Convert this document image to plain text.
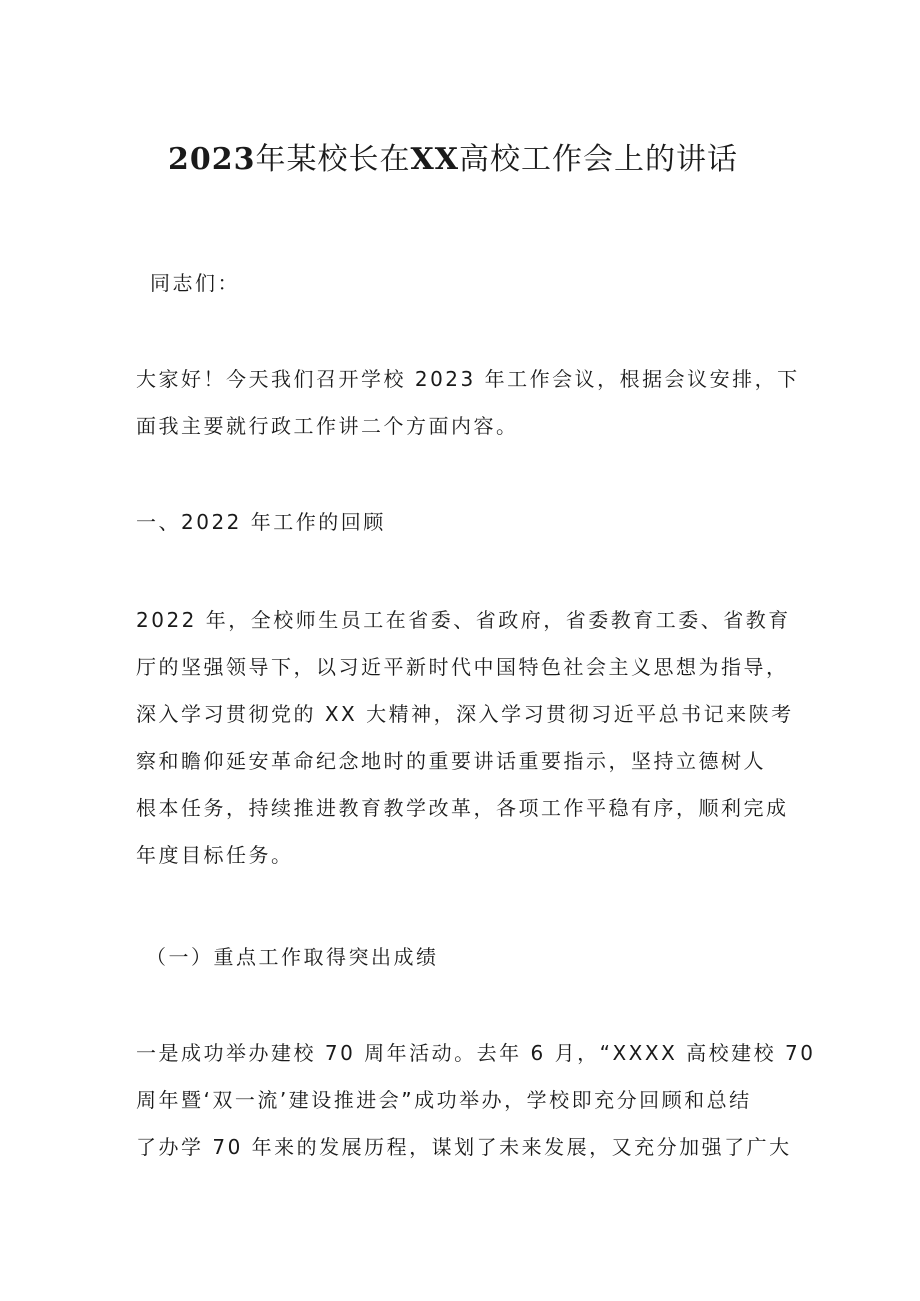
2023年某校长在XX高校工作会上的讲话

同志们：

大家好！今天我们召开学校 2023 年工作会议，根据会议安排，下
面我主要就行政工作讲二个方面内容。

一、2022 年工作的回顾

2022 年，全校师生员工在省委、省政府，省委教育工委、省教育
厅的坚强领导下，以习近平新时代中国特色社会主义思想为指导，
深入学习贯彻党的 XX 大精神，深入学习贯彻习近平总书记来陕考
察和瞻仰延安革命纪念地时的重要讲话重要指示，坚持立德树人
根本任务，持续推进教育教学改革，各项工作平稳有序，顺利完成
年度目标任务。

（一）重点工作取得突出成绩

一是成功举办建校 70 周年活动。去年 6 月，“XXXX 高校建校 70
周年暨‘双一流’建设推进会”成功举办，学校即充分回顾和总结
了办学 70 年来的发展历程，谋划了未来发展，又充分加强了广大
